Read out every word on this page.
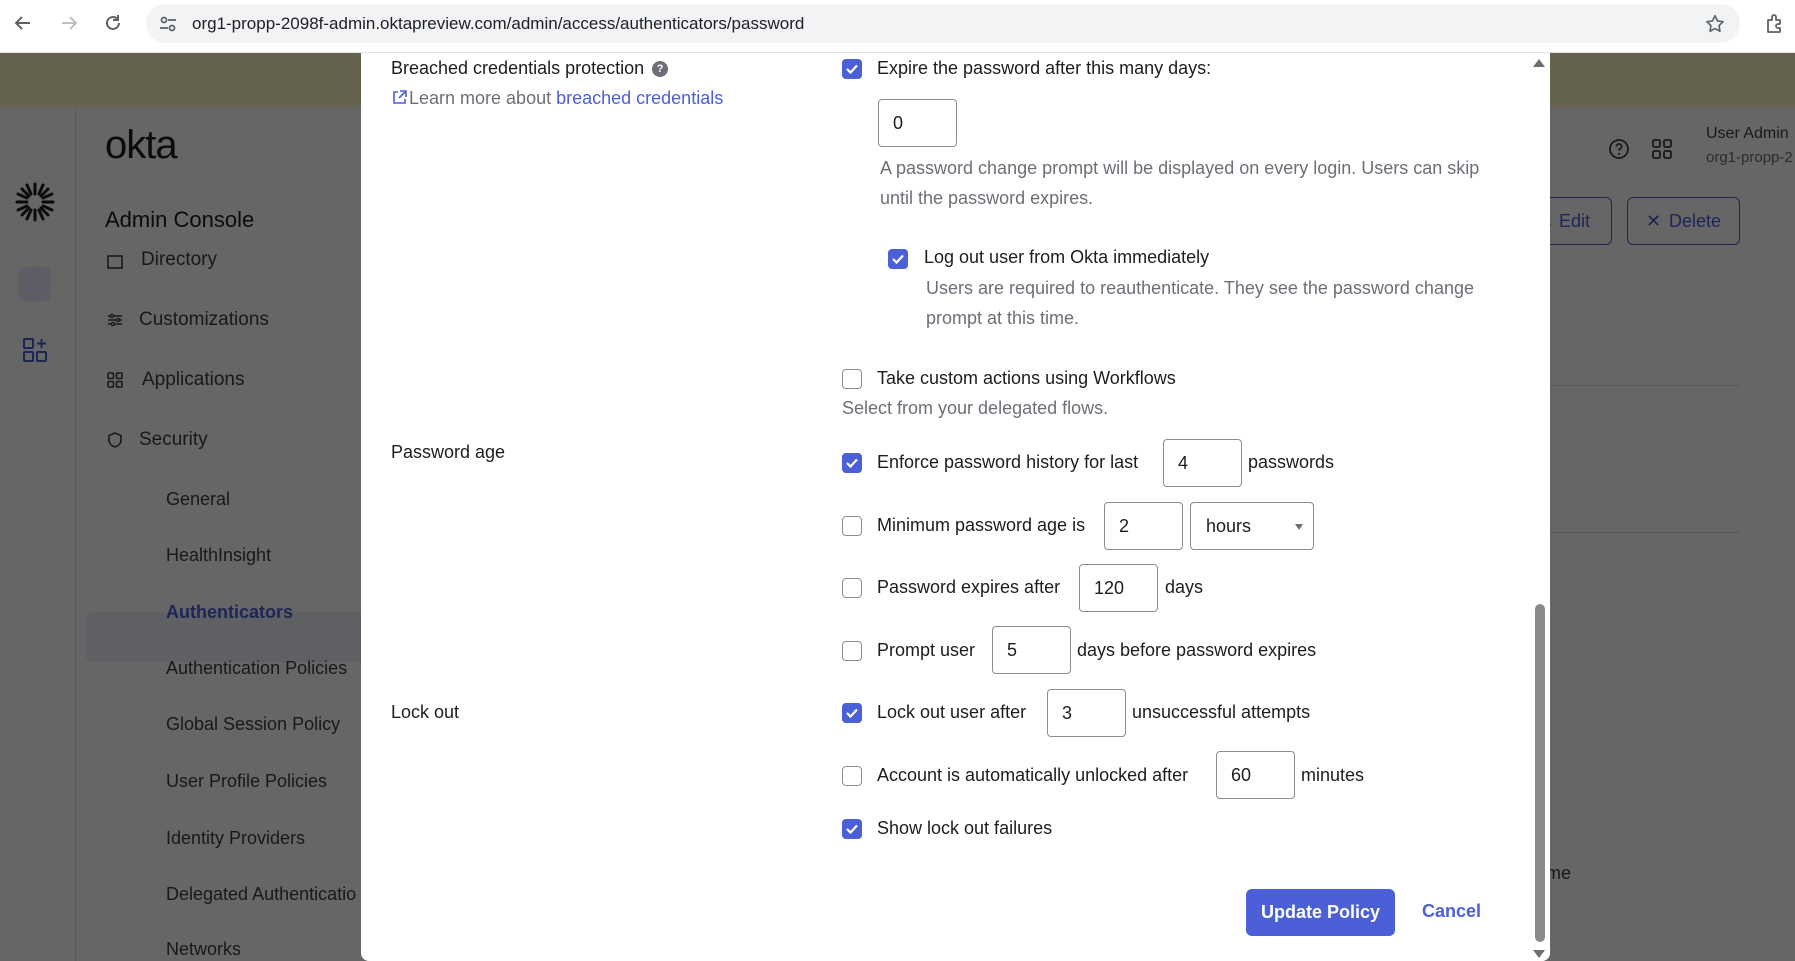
org1-propp-2098f-admin.oktapreview.com/admin/access/authenticators/password
Breached credentials protection ?
Learn more about breached credentials
Expire the password after this many days:
0
A password change prompt will be displayed on every login. Users can skip until the password expires.
Log out user from Okta immediately
Users are required to reauthenticate. They see the password change prompt at this time.
Take custom actions using Workflows
Select from your delegated flows.
Password age	Enforce password history for last	4	passwords
Minimum password age is	2	hours
Password expires after	120	days
Prompt user	5	days before password expires
Lock out	Lock out user after	3	unsuccessful attempts
Account is automatically unlocked after	60	minutes
Show lock out failures
Update Policy	Cancel
